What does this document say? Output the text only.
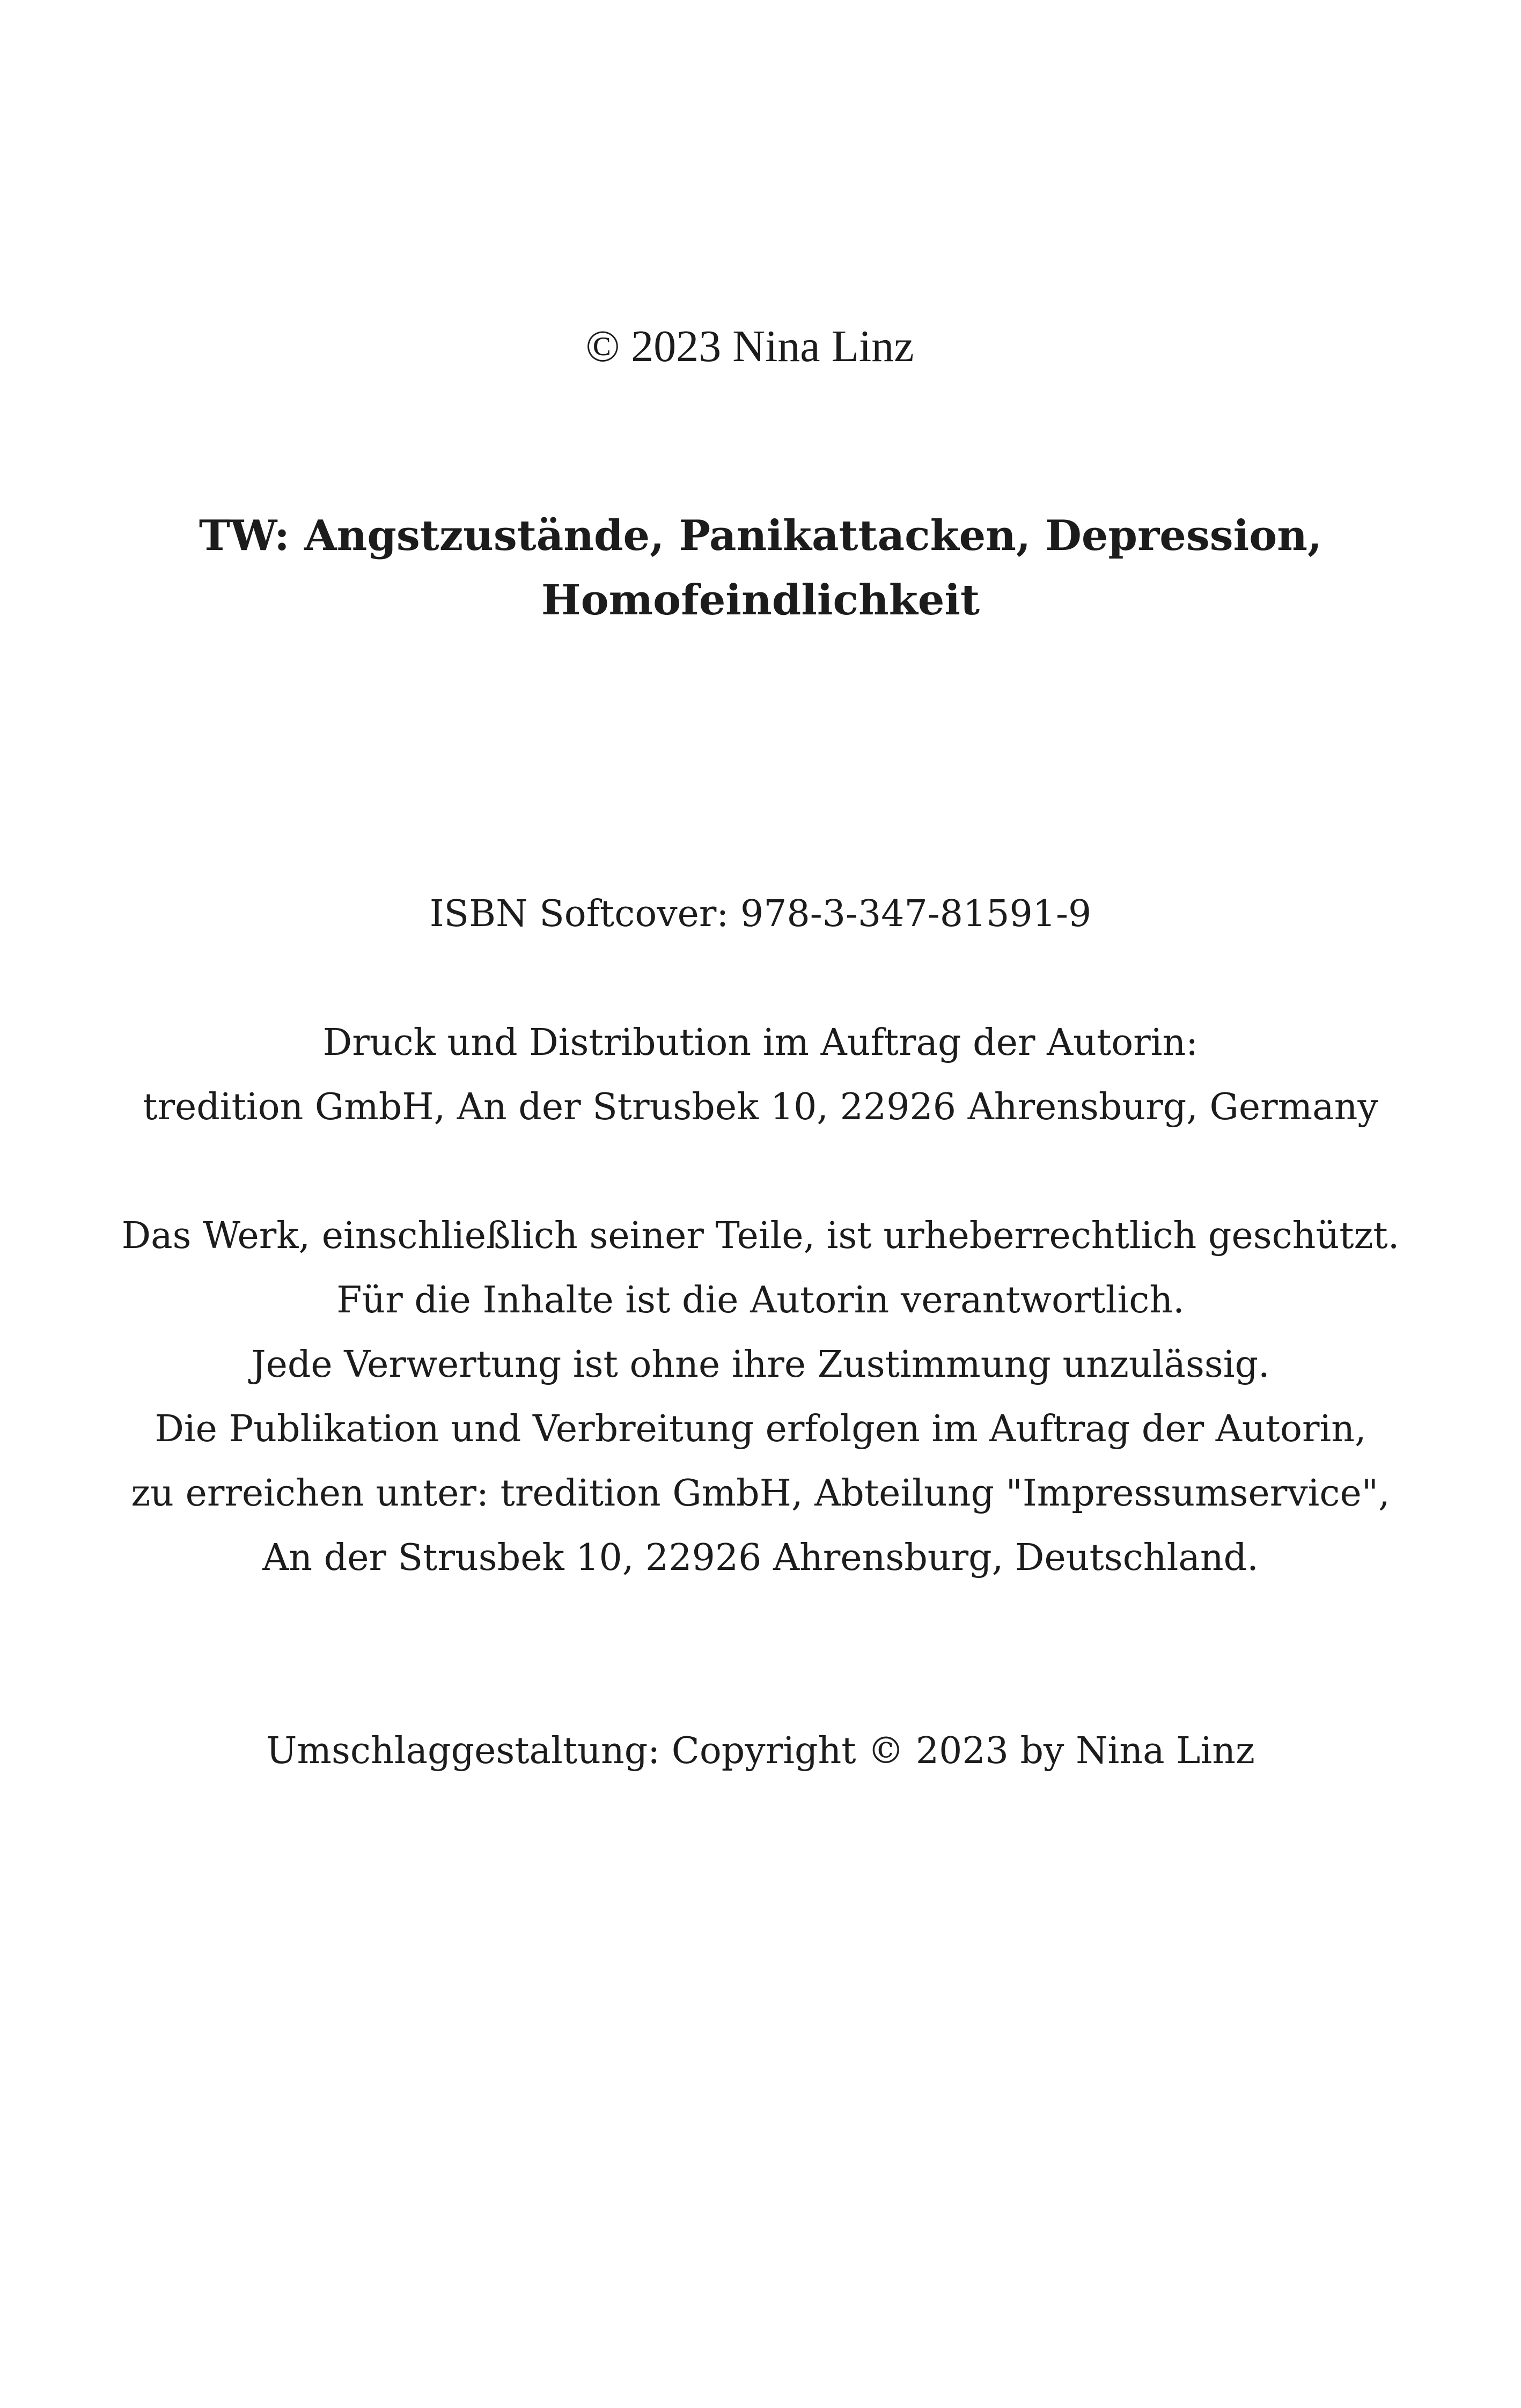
© 2023 Nina Linz
TW: Angstzustände, Panikattacken, Depression,
Homofeindlichkeit
ISBN Softcover: 978-3-347-81591-9
Druck und Distribution im Auftrag der Autorin:
tredition GmbH, An der Strusbek 10, 22926 Ahrensburg, Germany
Das Werk, einschließlich seiner Teile, ist urheberrechtlich geschützt.
Für die Inhalte ist die Autorin verantwortlich.
Jede Verwertung ist ohne ihre Zustimmung unzulässig.
Die Publikation und Verbreitung erfolgen im Auftrag der Autorin,
zu erreichen unter: tredition GmbH, Abteilung "Impressumservice",
An der Strusbek 10, 22926 Ahrensburg, Deutschland.
Umschlaggestaltung: Copyright © 2023 by Nina Linz
